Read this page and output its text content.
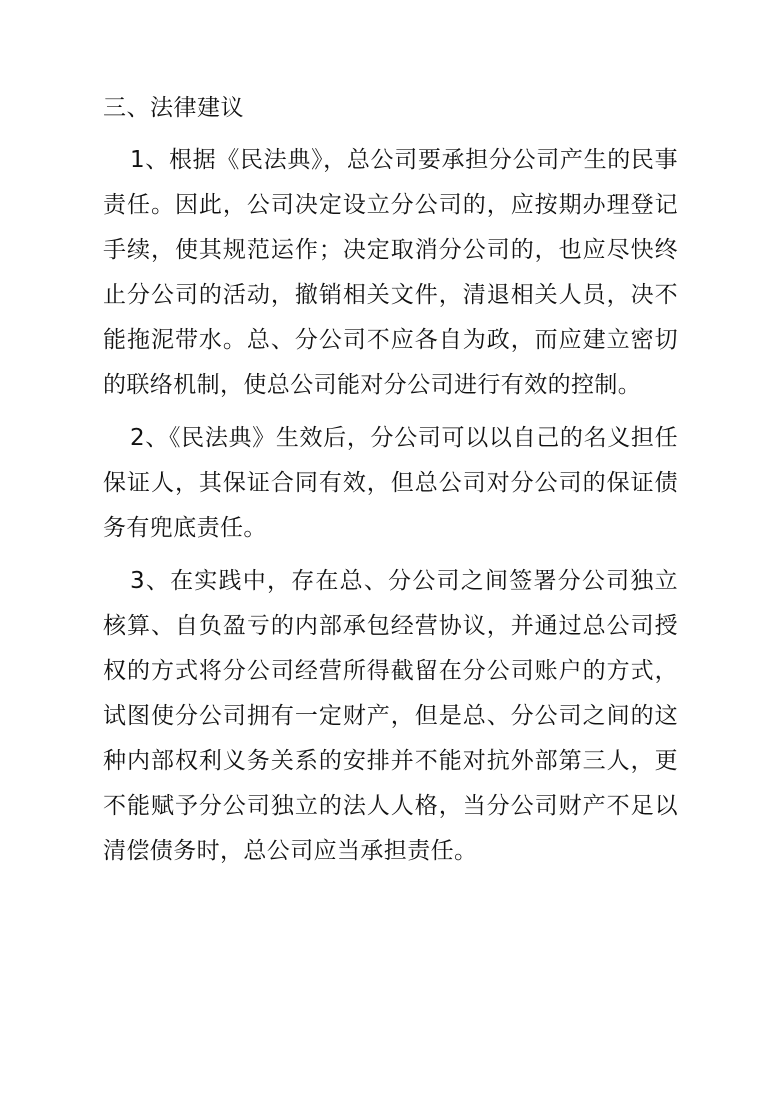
三、法律建议

1、根据《民法典》，总公司要承担分公司产生的民事责任。因此，公司决定设立分公司的，应按期办理登记手续，使其规范运作；决定取消分公司的，也应尽快终止分公司的活动，撤销相关文件，清退相关人员，决不能拖泥带水。总、分公司不应各自为政，而应建立密切的联络机制，使总公司能对分公司进行有效的控制。

2、《民法典》生效后，分公司可以以自己的名义担任保证人，其保证合同有效，但总公司对分公司的保证债务有兜底责任。

3、在实践中，存在总、分公司之间签署分公司独立核算、自负盈亏的内部承包经营协议，并通过总公司授权的方式将分公司经营所得截留在分公司账户的方式，试图使分公司拥有一定财产，但是总、分公司之间的这种内部权利义务关系的安排并不能对抗外部第三人，更不能赋予分公司独立的法人人格，当分公司财产不足以清偿债务时，总公司应当承担责任。
